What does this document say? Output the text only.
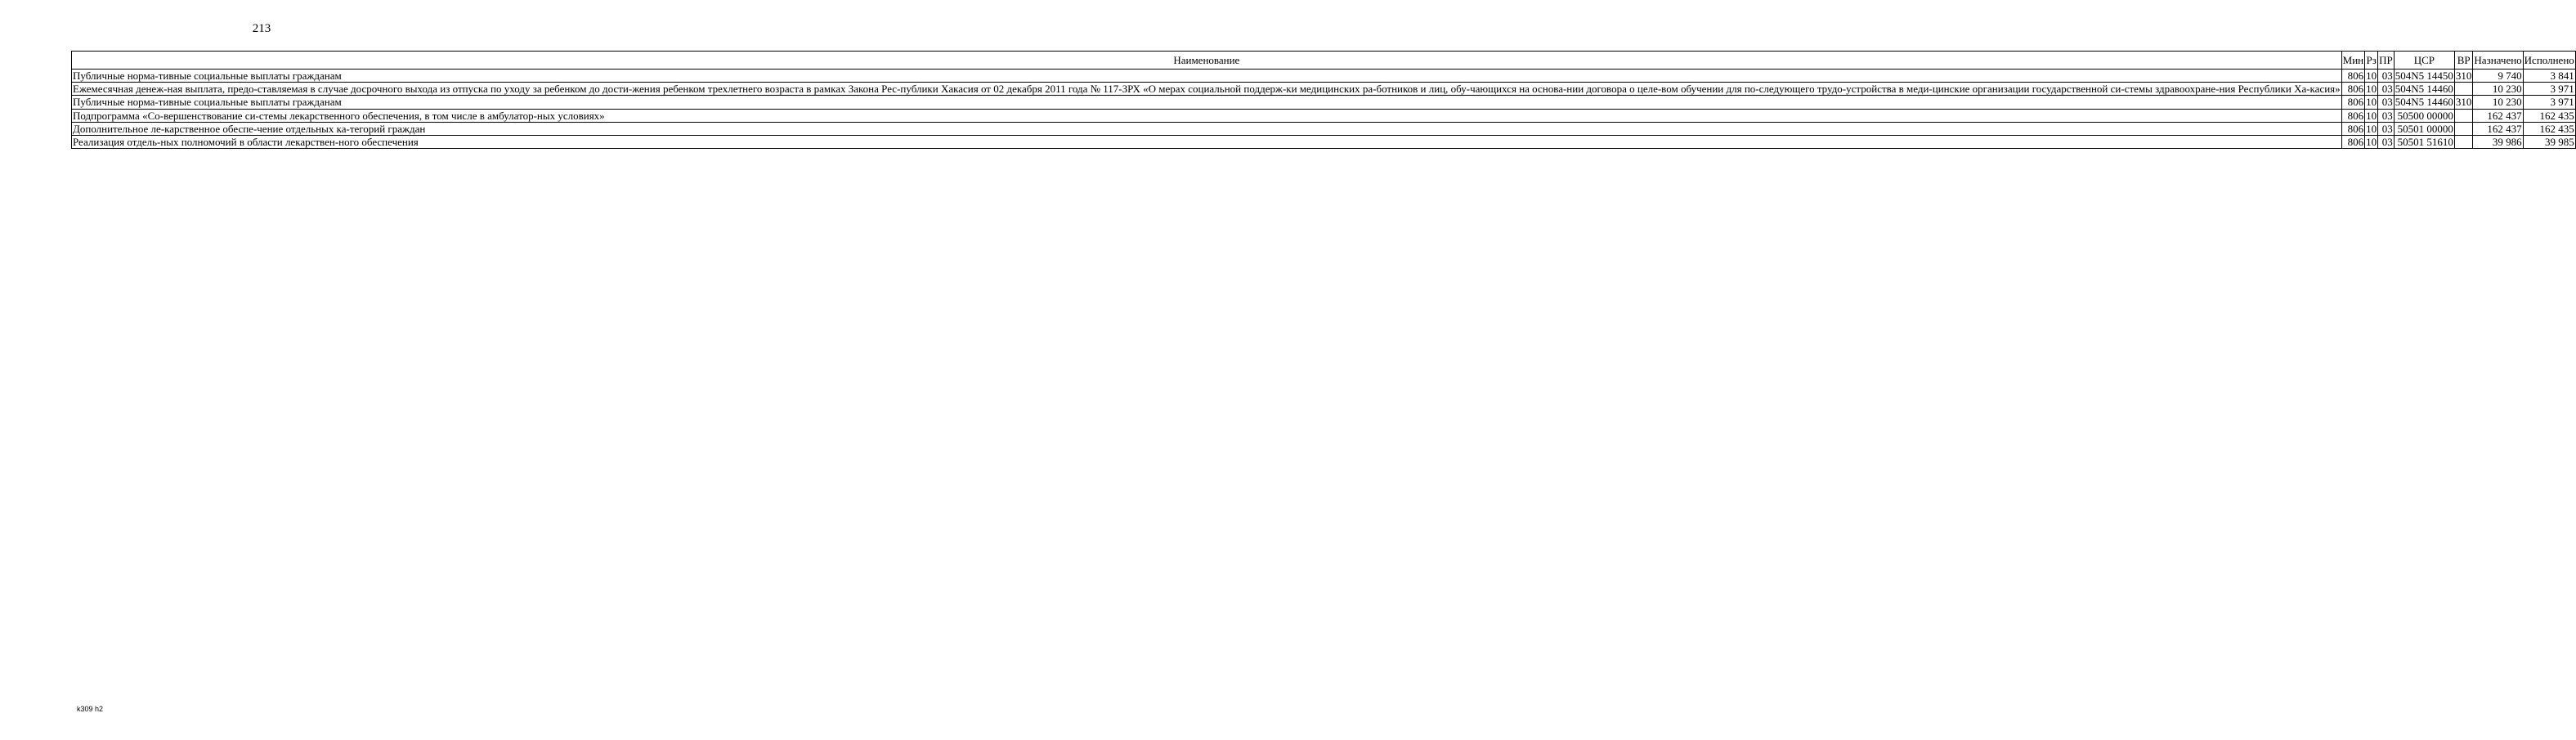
213
Наименование	Мин	Рз	ПР	ЦСР	ВР	Назначено	Исполнено
Публичные норма-тивные социальные выплаты гражданам	806	10	03	504N5 14450	310	9 740	3 841
Ежемесячная денеж-ная выплата, предо-ставляемая в случае досрочного выхода из отпуска по уходу за ребенком до дости-жения ребенком трехлетнего возраста в рамках Закона Рес-публики Хакасия от 02 декабря 2011 года № 117-ЗРХ «О мерах социальной поддерж-ки медицинских ра-ботников и лиц, обу-чающихся на основа-нии договора о целе-вом обучении для по-следующего трудо-устройства в меди-цинские организации государственной си-стемы здравоохране-ния Республики Ха-касия»	806	10	03	504N5 14460		10 230	3 971
Публичные норма-тивные социальные выплаты гражданам	806	10	03	504N5 14460	310	10 230	3 971
Подпрограмма «Со-вершенствование си-стемы лекарственного обеспечения, в том числе в амбулатор-ных условиях»	806	10	03	50500 00000		162 437	162 435
Дополнительное ле-карственное обеспе-чение отдельных ка-тегорий граждан	806	10	03	50501 00000		162 437	162 435
Реализация отдель-ных полномочий в области лекарствен-ного обеспечения	806	10	03	50501 51610		39 986	39 985
k309 h2
